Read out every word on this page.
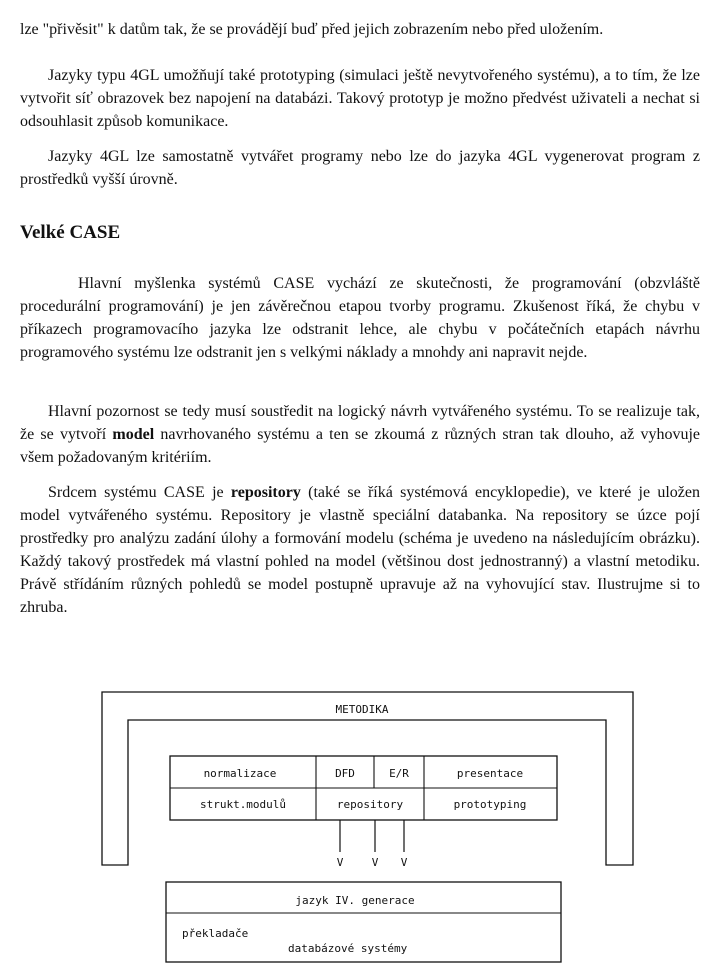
lze "přivěsit" k datům tak, že se provádějí buď před jejich zobrazením nebo před uložením.

Jazyky typu 4GL umožňují také prototyping (simulaci ještě nevytvořeného systému), a to tím, že lze vytvořit síť obrazovek bez napojení na databázi. Takový prototyp je možno předvést uživateli a nechat si odsouhlasit způsob komunikace.

Jazyky 4GL lze samostatně vytvářet programy nebo lze do jazyka 4GL vygenerovat program z prostředků vyšší úrovně.

Velké CASE

Hlavní myšlenka systémů CASE vychází ze skutečnosti, že programování (obzvláště procedurální programování) je jen závěrečnou etapou tvorby programu. Zkušenost říká, že chybu v příkazech programovacího jazyka lze odstranit lehce, ale chybu v počátečních etapách návrhu programového systému lze odstranit jen s velkými náklady a mnohdy ani napravit nejde.

Hlavní pozornost se tedy musí soustředit na logický návrh vytvářeného systému. To se realizuje tak, že se vytvoří model navrhovaného systému a ten se zkoumá z různých stran tak dlouho, až vyhovuje všem požadovaným kritériím.

Srdcem systému CASE je repository (také se říká systémová encyklopedie), ve které je uložen model vytvářeného systému. Repository je vlastně speciální databanka. Na repository se úzce pojí prostředky pro analýzu zadání úlohy a formování modelu (schéma je uvedeno na následujícím obrázku). Každý takový prostředek má vlastní pohled na model (většinou dost jednostranný) a vlastní metodiku. Právě střídáním různých pohledů se model postupně upravuje až na vyhovující stav. Ilustrujme si to zhruba.

METODIKA
normalizace	DFD	E/R	presentace
strukt.modulů	repository	prototyping
V	V V
jazyk IV. generace
překladače
databázové systémy
